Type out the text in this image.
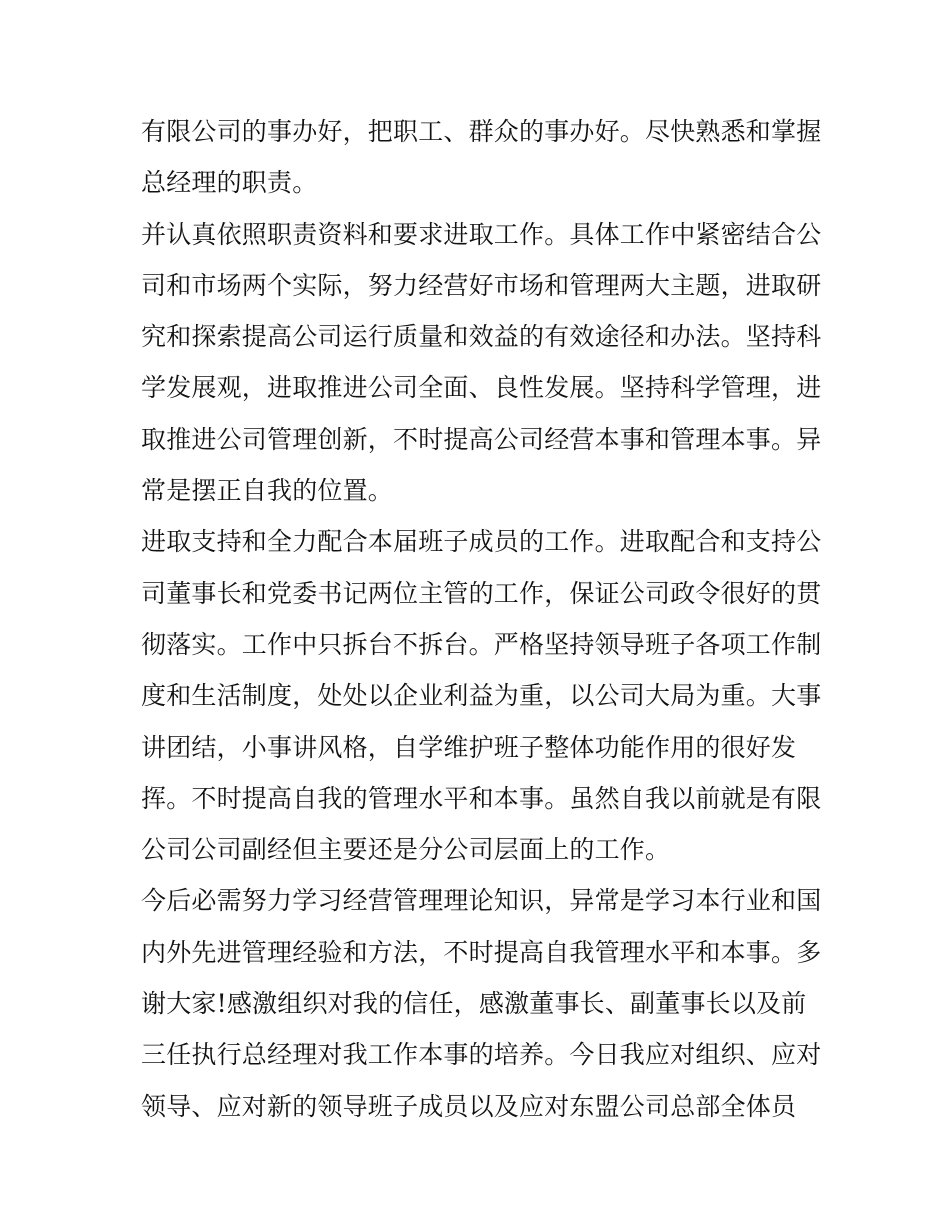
有限公司的事办好，把职工、群众的事办好。尽快熟悉和掌握
总经理的职责。
并认真依照职责资料和要求进取工作。具体工作中紧密结合公
司和市场两个实际，努力经营好市场和管理两大主题，进取研
究和探索提高公司运行质量和效益的有效途径和办法。坚持科
学发展观，进取推进公司全面、良性发展。坚持科学管理，进
取推进公司管理创新，不时提高公司经营本事和管理本事。异
常是摆正自我的位置。
进取支持和全力配合本届班子成员的工作。进取配合和支持公
司董事长和党委书记两位主管的工作，保证公司政令很好的贯
彻落实。工作中只拆台不拆台。严格坚持领导班子各项工作制
度和生活制度，处处以企业利益为重，以公司大局为重。大事
讲团结，小事讲风格，自学维护班子整体功能作用的很好发
挥。不时提高自我的管理水平和本事。虽然自我以前就是有限
公司公司副经但主要还是分公司层面上的工作。
今后必需努力学习经营管理理论知识，异常是学习本行业和国
内外先进管理经验和方法，不时提高自我管理水平和本事。多
谢大家!感激组织对我的信任，感激董事长、副董事长以及前
三任执行总经理对我工作本事的培养。今日我应对组织、应对
领导、应对新的领导班子成员以及应对东盟公司总部全体员
